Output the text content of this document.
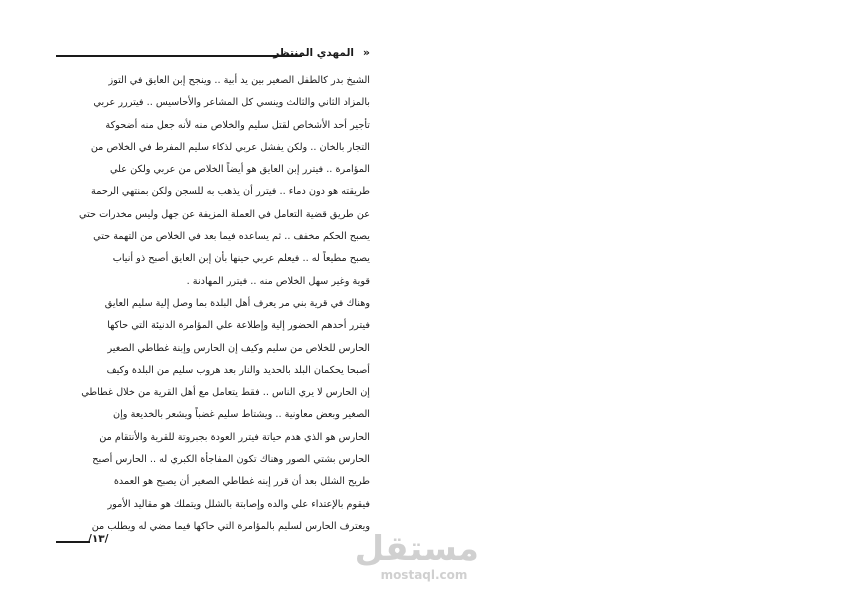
المهدي المنتظر »
الشيخ بدر كالطفل الصغير بين يد أبية .. وينجح إبن العايق في التوز
بالمزاد الثاني والثالث وينسي كل المشاعر والأحاسيس .. فيتررر عربي
تأجير أحد الأشخاص لقتل سليم والخلاص منه لأنه جعل منه أضحوكة
التجار بالخان .. ولكن يفشل عربي لذكاء سليم المفرط في الخلاص من
المؤامرة .. فيترر إبن العايق هو أيضاً الخلاص من عربي ولكن علي
طريقته هو دون دماء .. فيترر أن يذهب به للسجن ولكن بمنتهي الرحمة
عن طريق قضية التعامل في العملة المزيفة عن جهل وليس مخدرات حتي
يصبح الحكم مخفف .. ثم يساعده فيما بعد في الخلاص من التهمة حتي
يصبح مطيعاً له .. فيعلم عربي حينها بأن إبن العايق أصبح ذو أنياب
قوية وغير سهل الخلاص منه .. فيترر المهادنة .
وهناك في قرية بني مر يعرف أهل البلدة بما وصل إلية سليم العايق
فيترر أحدهم الحضور إلية وإطلاعة علي المؤامرة الدنيئة التي حاكها
الحارس للخلاص من سليم وكيف إن الحارس وإبنة غطاطي الصغير
أصبحا يحكمان البلد بالحديد والنار بعد هروب سليم من البلدة وكيف
إن الحارس لا يري الناس .. فقط يتعامل مع أهل القرية من خلال غطاطي
الصغير وبعض معاونية .. ويشتاط سليم غضباً ويشعر بالخديعة وإن
الحارس هو الذي هدم حياتة فيترر العودة بجبروتة للقرية والأنتقام من
الحارس بشتي الصور وهناك تكون المفاجأة الكبري له .. الحارس أصبح
طريح الشلل بعد أن قرر إبنه غطاطي الصغير أن يصبح هو العمدة
فيقوم بالإعتداء علي والده وإصابتة بالشلل ويتملك هو مقاليد الأمور
ويعترف الحارس لسليم بالمؤامرة التي حاكها فيما مضي له ويطلب من
/١٣/	مستقل
mostaql.com
